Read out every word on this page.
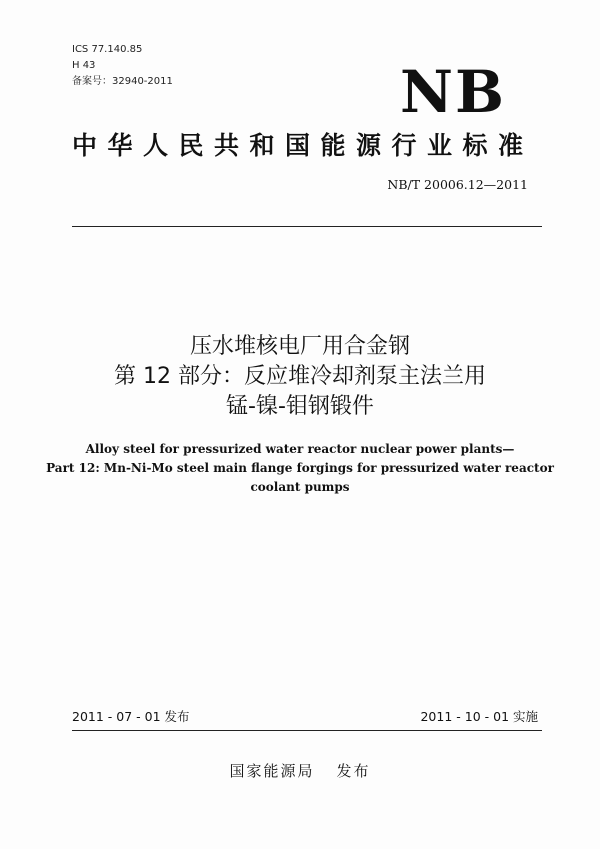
ICS 77.140.85
H 43
备案号：32940-2011	NB
中华人民共和国能源行业标准
NB/T 20006.12—2011
压水堆核电厂用合金钢
第 12 部分：反应堆冷却剂泵主法兰用
锰-镍-钼钢锻件
Alloy steel for pressurized water reactor nuclear power plants—
Part 12: Mn-Ni-Mo steel main flange forgings for pressurized water reactor
coolant pumps
2011 - 07 - 01 发布	2011 - 10 - 01 实施
国家能源局 发布
